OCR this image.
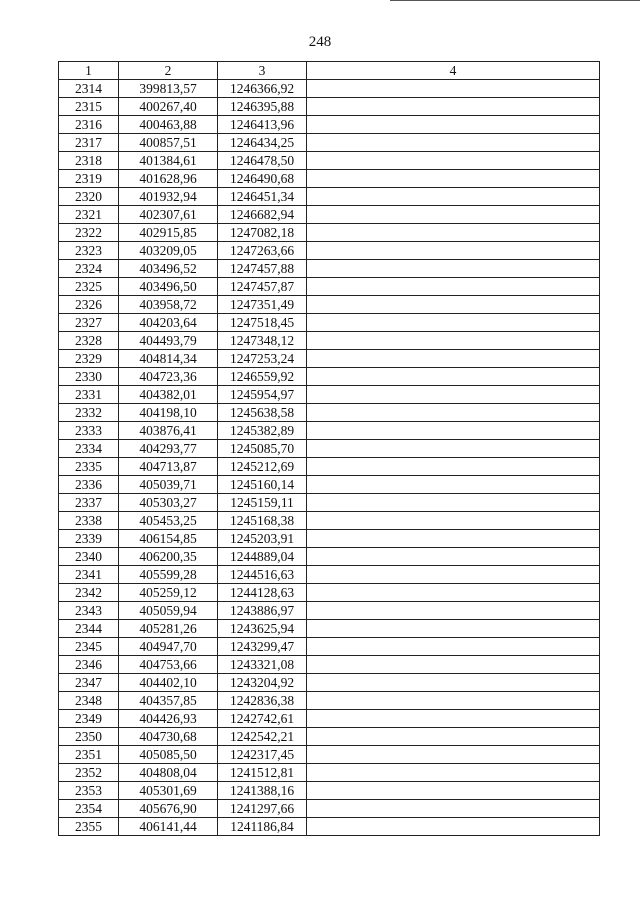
248
1	2	3	4
2314	399813,57	1246366,92	
2315	400267,40	1246395,88	
2316	400463,88	1246413,96	
2317	400857,51	1246434,25	
2318	401384,61	1246478,50	
2319	401628,96	1246490,68	
2320	401932,94	1246451,34	
2321	402307,61	1246682,94	
2322	402915,85	1247082,18	
2323	403209,05	1247263,66	
2324	403496,52	1247457,88	
2325	403496,50	1247457,87	
2326	403958,72	1247351,49	
2327	404203,64	1247518,45	
2328	404493,79	1247348,12	
2329	404814,34	1247253,24	
2330	404723,36	1246559,92	
2331	404382,01	1245954,97	
2332	404198,10	1245638,58	
2333	403876,41	1245382,89	
2334	404293,77	1245085,70	
2335	404713,87	1245212,69	
2336	405039,71	1245160,14	
2337	405303,27	1245159,11	
2338	405453,25	1245168,38	
2339	406154,85	1245203,91	
2340	406200,35	1244889,04	
2341	405599,28	1244516,63	
2342	405259,12	1244128,63	
2343	405059,94	1243886,97	
2344	405281,26	1243625,94	
2345	404947,70	1243299,47	
2346	404753,66	1243321,08	
2347	404402,10	1243204,92	
2348	404357,85	1242836,38	
2349	404426,93	1242742,61	
2350	404730,68	1242542,21	
2351	405085,50	1242317,45	
2352	404808,04	1241512,81	
2353	405301,69	1241388,16	
2354	405676,90	1241297,66	
2355	406141,44	1241186,84	
